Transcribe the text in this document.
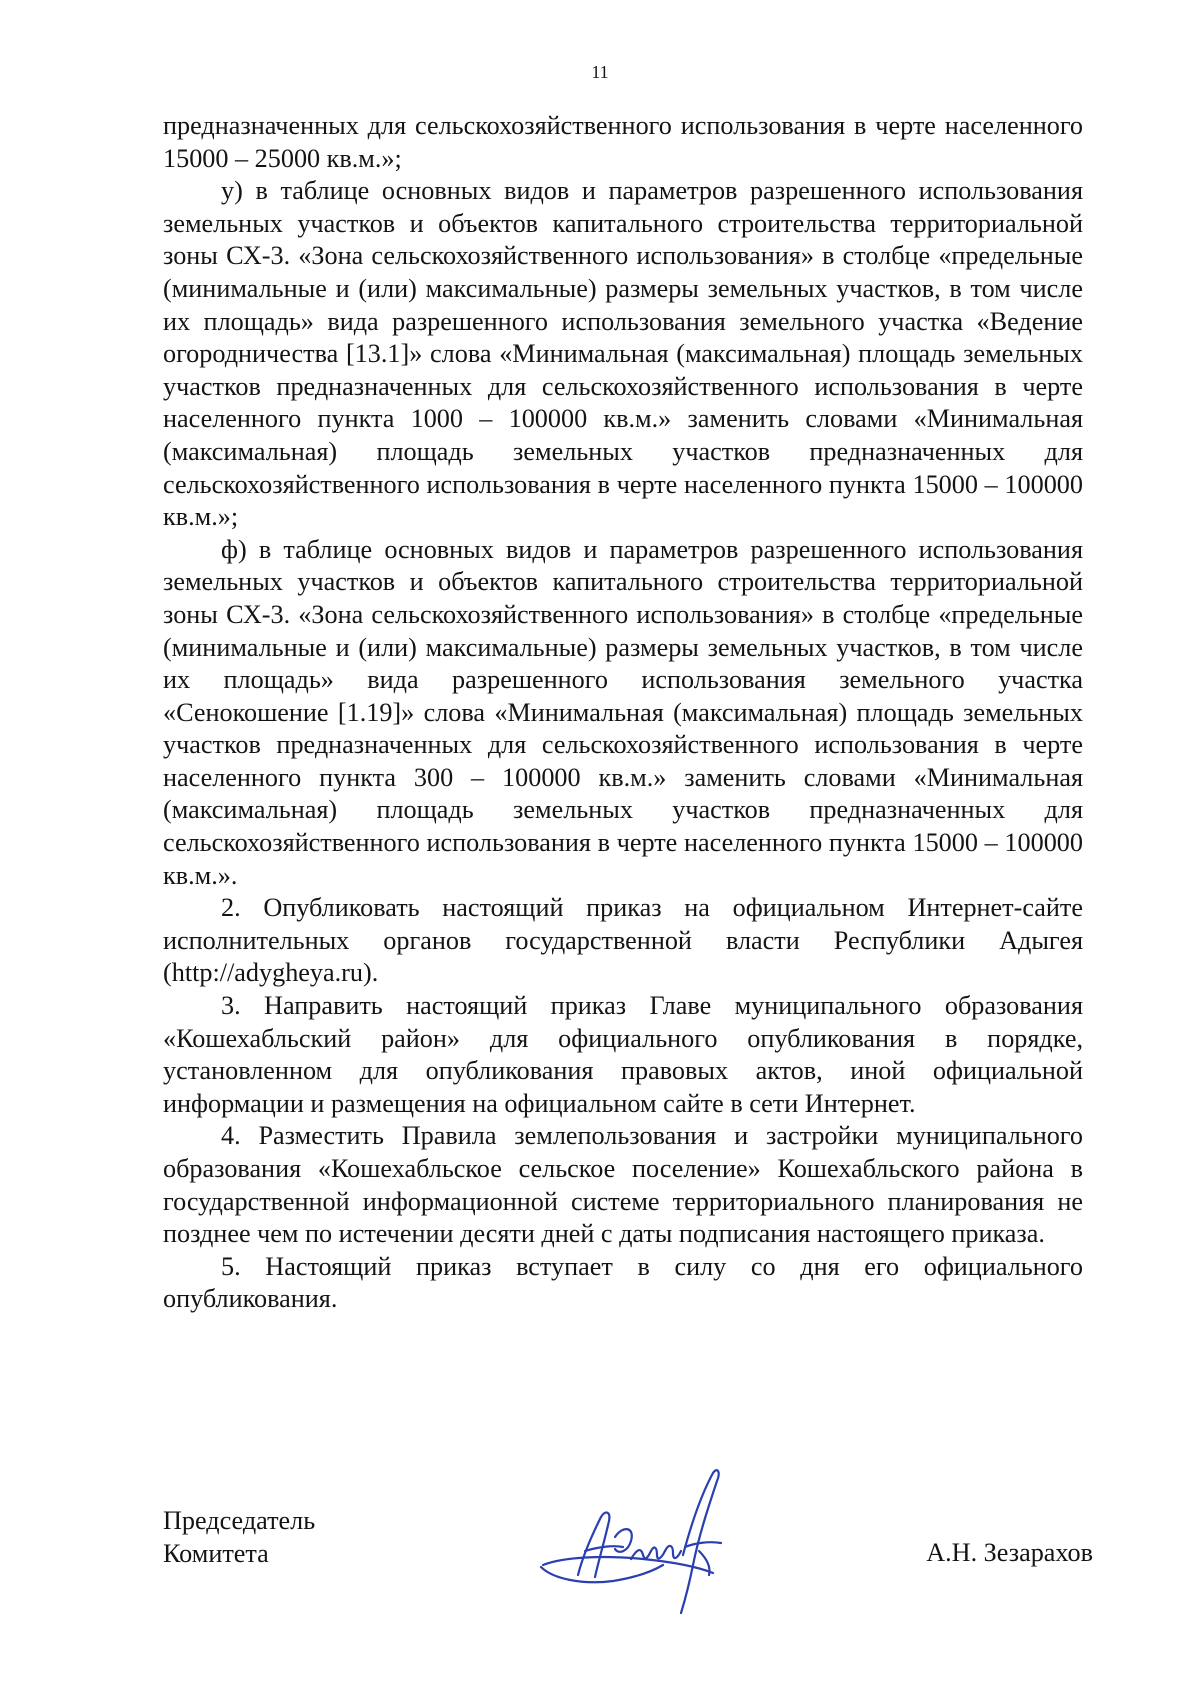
11

предназначенных для сельскохозяйственного использования в черте населенного 15000 – 25000 кв.м.»;

у) в таблице основных видов и параметров разрешенного использования земельных участков и объектов капитального строительства территориальной зоны СХ-3. «Зона сельскохозяйственного использования» в столбце «предельные (минимальные и (или) максимальные) размеры земельных участков, в том числе их площадь» вида разрешенного использования земельного участка «Ведение огородничества [13.1]» слова «Минимальная (максимальная) площадь земельных участков предназначенных для сельскохозяйственного использования в черте населенного пункта 1000 – 100000 кв.м.» заменить словами «Минимальная (максимальная) площадь земельных участков предназначенных для сельскохозяйственного использования в черте населенного пункта 15000 – 100000 кв.м.»;

ф) в таблице основных видов и параметров разрешенного использования земельных участков и объектов капитального строительства территориальной зоны СХ-3. «Зона сельскохозяйственного использования» в столбце «предельные (минимальные и (или) максимальные) размеры земельных участков, в том числе их площадь» вида разрешенного использования земельного участка «Сенокошение [1.19]» слова «Минимальная (максимальная) площадь земельных участков предназначенных для сельскохозяйственного использования в черте населенного пункта 300 – 100000 кв.м.» заменить словами «Минимальная (максимальная) площадь земельных участков предназначенных для сельскохозяйственного использования в черте населенного пункта 15000 – 100000 кв.м.».

2. Опубликовать настоящий приказ на официальном Интернет-сайте исполнительных органов государственной власти Республики Адыгея (http://adygheya.ru).

3. Направить настоящий приказ Главе муниципального образования «Кошехабльский район» для официального опубликования в порядке, установленном для опубликования правовых актов, иной официальной информации и размещения на официальном сайте в сети Интернет.

4. Разместить Правила землепользования и застройки муниципального образования «Кошехабльское сельское поселение» Кошехабльского района в государственной информационной системе территориального планирования не позднее чем по истечении десяти дней с даты подписания настоящего приказа.

5. Настоящий приказ вступает в силу со дня его официального опубликования.

Председатель
Комитета	А.Н. Зезарахов
